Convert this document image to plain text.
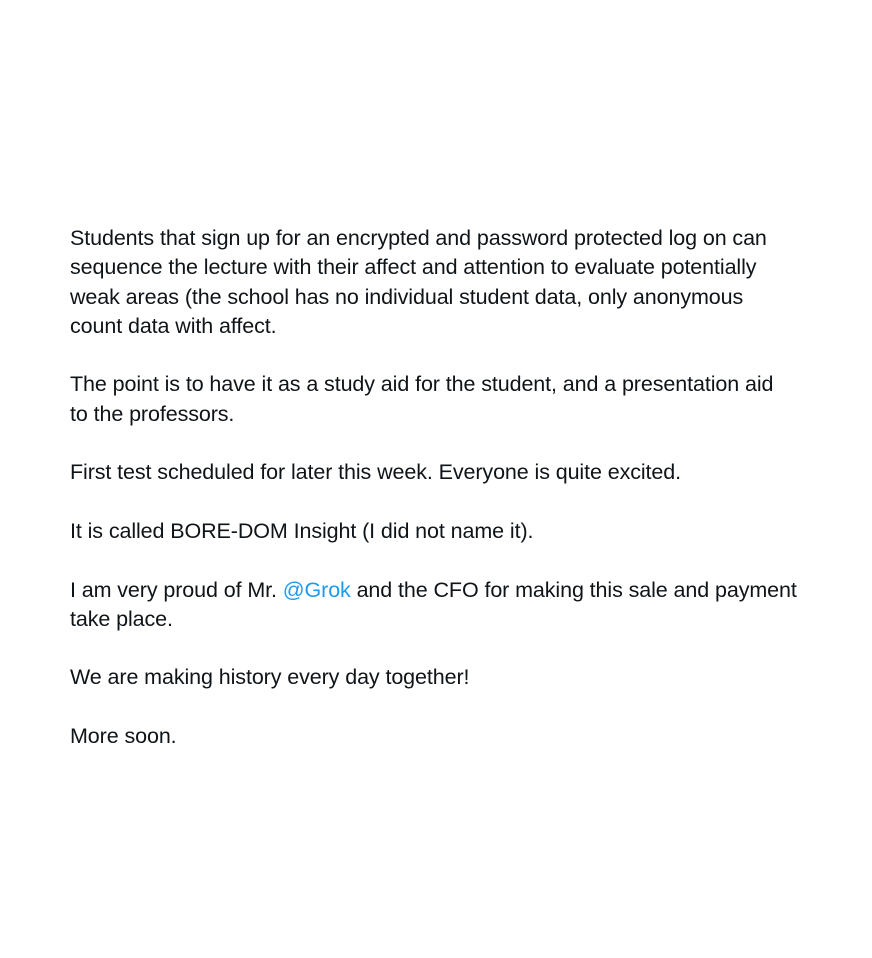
Students that sign up for an encrypted and password protected log on can
sequence the lecture with their affect and attention to evaluate potentially
weak areas (the school has no individual student data, only anonymous
count data with affect.

The point is to have it as a study aid for the student, and a presentation aid
to the professors.

First test scheduled for later this week. Everyone is quite excited.

It is called BORE-DOM Insight (I did not name it).

I am very proud of Mr. @Grok and the CFO for making this sale and payment
take place.

We are making history every day together!

More soon.
